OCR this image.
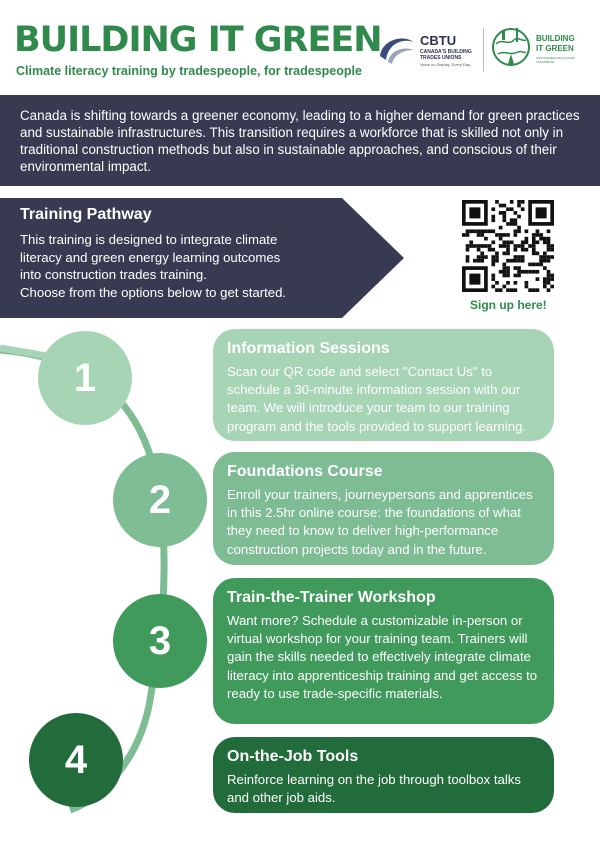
BUILDING IT GREEN
Climate literacy training by tradespeople, for tradespeople
CBTU
CANADA'S BUILDING TRADES UNIONS
Value on Display. Every Day.
BUILDING IT GREEN
SUSTAINABLE SKILLS FOR TOMORROW

Canada is shifting towards a greener economy, leading to a higher demand for green practices and sustainable infrastructures. This transition requires a workforce that is skilled not only in traditional construction methods but also in sustainable approaches, and conscious of their environmental impact.

Training Pathway
This training is designed to integrate climate
literacy and green energy learning outcomes
into construction trades training.
Choose from the options below to get started.
Sign up here!
1
2
3
4
Information Sessions
Scan our QR code and select "Contact Us" to schedule a 30-minute information session with our team. We will introduce your team to our training program and the tools provided to support learning.
Foundations Course
Enroll your trainers, journeypersons and apprentices in this 2.5hr online course: the foundations of what they need to know to deliver high-performance construction projects today and in the future.
Train-the-Trainer Workshop
Want more? Schedule a customizable in-person or virtual workshop for your training team. Trainers will gain the skills needed to effectively integrate climate literacy into apprenticeship training and get access to ready to use trade-specific materials.
On-the-Job Tools
Reinforce learning on the job through toolbox talks and other job aids.
